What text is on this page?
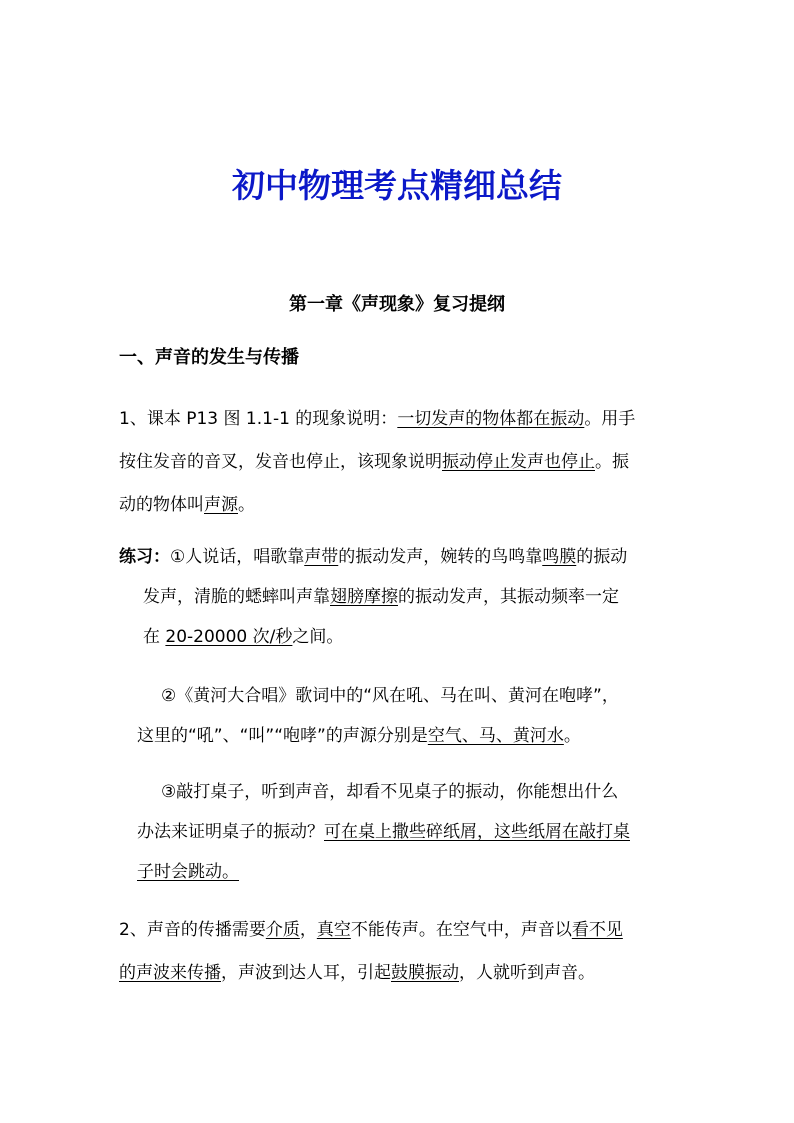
初中物理考点精细总结
第一章《声现象》复习提纲
一、声音的发生与传播
1、课本 P13 图 1.1-1 的现象说明：一切发声的物体都在振动。用手
按住发音的音叉，发音也停止，该现象说明振动停止发声也停止。振
动的物体叫声源。
练习：①人说话，唱歌靠声带的振动发声，婉转的鸟鸣靠鸣膜的振动
发声，清脆的蟋蟀叫声靠翅膀摩擦的振动发声，其振动频率一定
在 20-20000 次/秒之间。
②《黄河大合唱》歌词中的“风在吼、马在叫、黄河在咆哮”，
这里的“吼”、“叫”“咆哮”的声源分别是空气、马、黄河水。
③敲打桌子，听到声音，却看不见桌子的振动，你能想出什么
办法来证明桌子的振动？可在桌上撒些碎纸屑，这些纸屑在敲打桌
子时会跳动。
2、声音的传播需要介质，真空不能传声。在空气中，声音以看不见
的声波来传播，声波到达人耳，引起鼓膜振动，人就听到声音。
